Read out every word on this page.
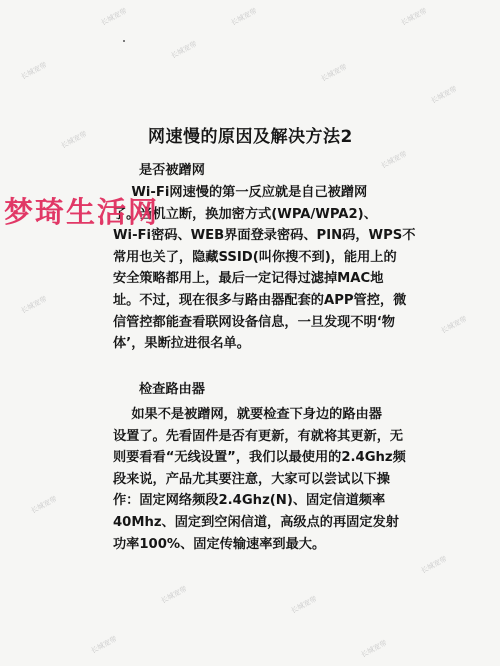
长城宽带	长城宽带	长城宽带
长城宽带
长城宽带
长城宽带
长城宽带
长城宽带
长城宽带
长城宽带
长城宽带
长城宽带
长城宽带	长城宽带
长城宽带
长城宽带	长城宽带
网速慢的原因及解决方法2
是否被蹭网
Wi-Fi网速慢的第一反应就是自己被蹭网
了。当机立断，换加密方式(WPA/WPA2)、
Wi-Fi密码、WEB界面登录密码、PIN码，WPS不
常用也关了，隐藏SSID(叫你搜不到)，能用上的
安全策略都用上，最后一定记得过滤掉MAC地
址。不过，现在很多与路由器配套的APP管控，微
信管控都能查看联网设备信息，一旦发现不明‘物
体’，果断拉进很名单。
检查路由器
如果不是被蹭网，就要检查下身边的路由器
设置了。先看固件是否有更新，有就将其更新，无
则要看看“无线设置”，我们以最使用的2.4Ghz频
段来说，产品尤其要注意，大家可以尝试以下操
作：固定网络频段2.4Ghz(N)、固定信道频率
40Mhz、固定到空闲信道，高级点的再固定发射
功率100%、固定传输速率到最大。
梦琦生活网
